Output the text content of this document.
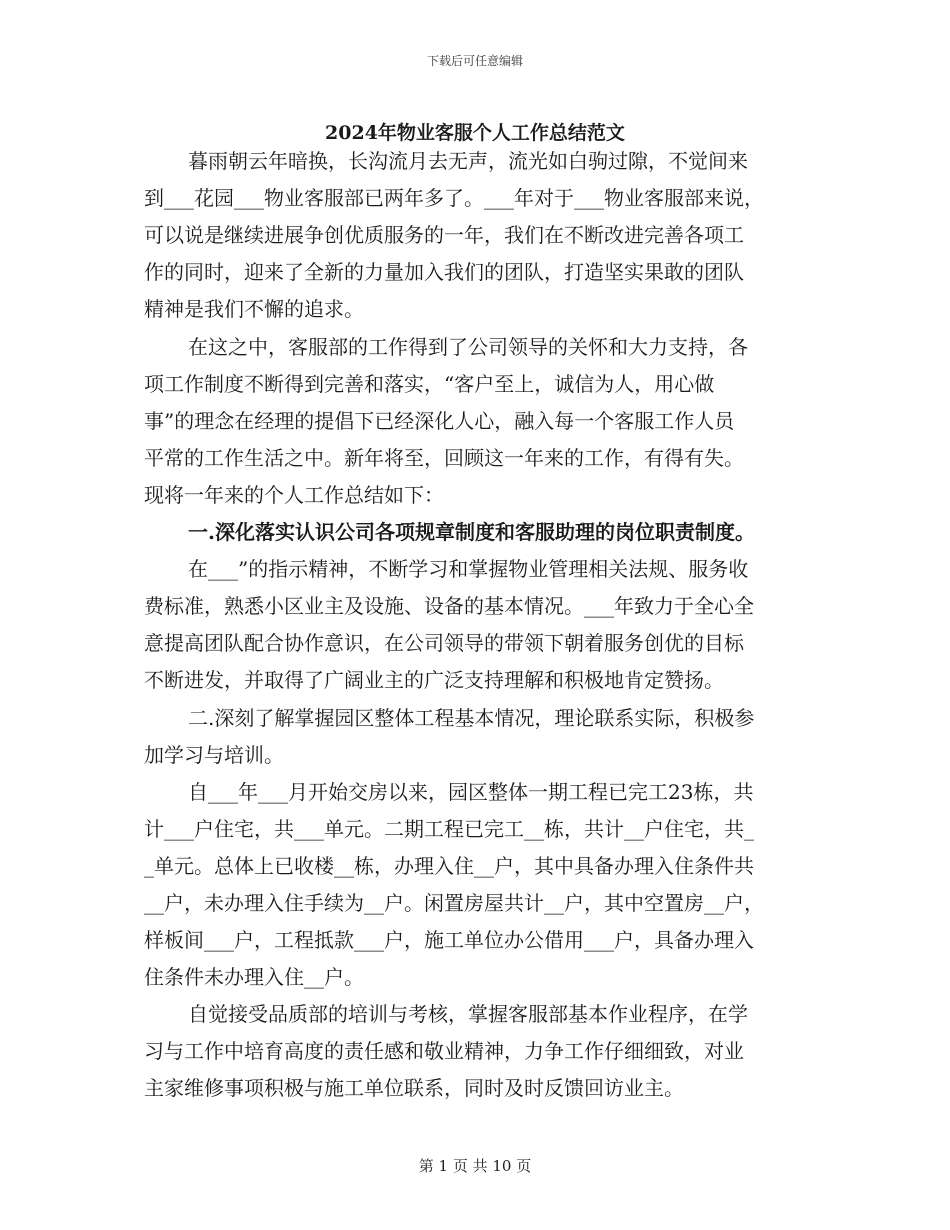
下载后可任意编辑
2024年物业客服个人工作总结范文
暮雨朝云年暗换，长沟流月去无声，流光如白驹过隙，不觉间来
到___花园___物业客服部已两年多了。___年对于___物业客服部来说，
可以说是继续进展争创优质服务的一年，我们在不断改进完善各项工
作的同时，迎来了全新的力量加入我们的团队，打造坚实果敢的团队
精神是我们不懈的追求。
在这之中，客服部的工作得到了公司领导的关怀和大力支持，各
项工作制度不断得到完善和落实，“客户至上，诚信为人，用心做
事”的理念在经理的提倡下已经深化人心，融入每一个客服工作人员
平常的工作生活之中。新年将至，回顾这一年来的工作，有得有失。
现将一年来的个人工作总结如下：
一.深化落实认识公司各项规章制度和客服助理的岗位职责制度。
在___”的指示精神，不断学习和掌握物业管理相关法规、服务收
费标准，熟悉小区业主及设施、设备的基本情况。___年致力于全心全
意提高团队配合协作意识，在公司领导的带领下朝着服务创优的目标
不断进发，并取得了广阔业主的广泛支持理解和积极地肯定赞扬。
二.深刻了解掌握园区整体工程基本情况，理论联系实际，积极参
加学习与培训。
自___年___月开始交房以来，园区整体一期工程已完工23栋，共
计___户住宅，共___单元。二期工程已完工__栋，共计__户住宅，共_
_单元。总体上已收楼__栋，办理入住__户，其中具备办理入住条件共
__户，未办理入住手续为__户。闲置房屋共计__户，其中空置房__户，
样板间___户，工程抵款___户，施工单位办公借用___户，具备办理入
住条件未办理入住__户。
自觉接受品质部的培训与考核，掌握客服部基本作业程序，在学
习与工作中培育高度的责任感和敬业精神，力争工作仔细细致，对业
主家维修事项积极与施工单位联系，同时及时反馈回访业主。
第 1 页 共 10 页
